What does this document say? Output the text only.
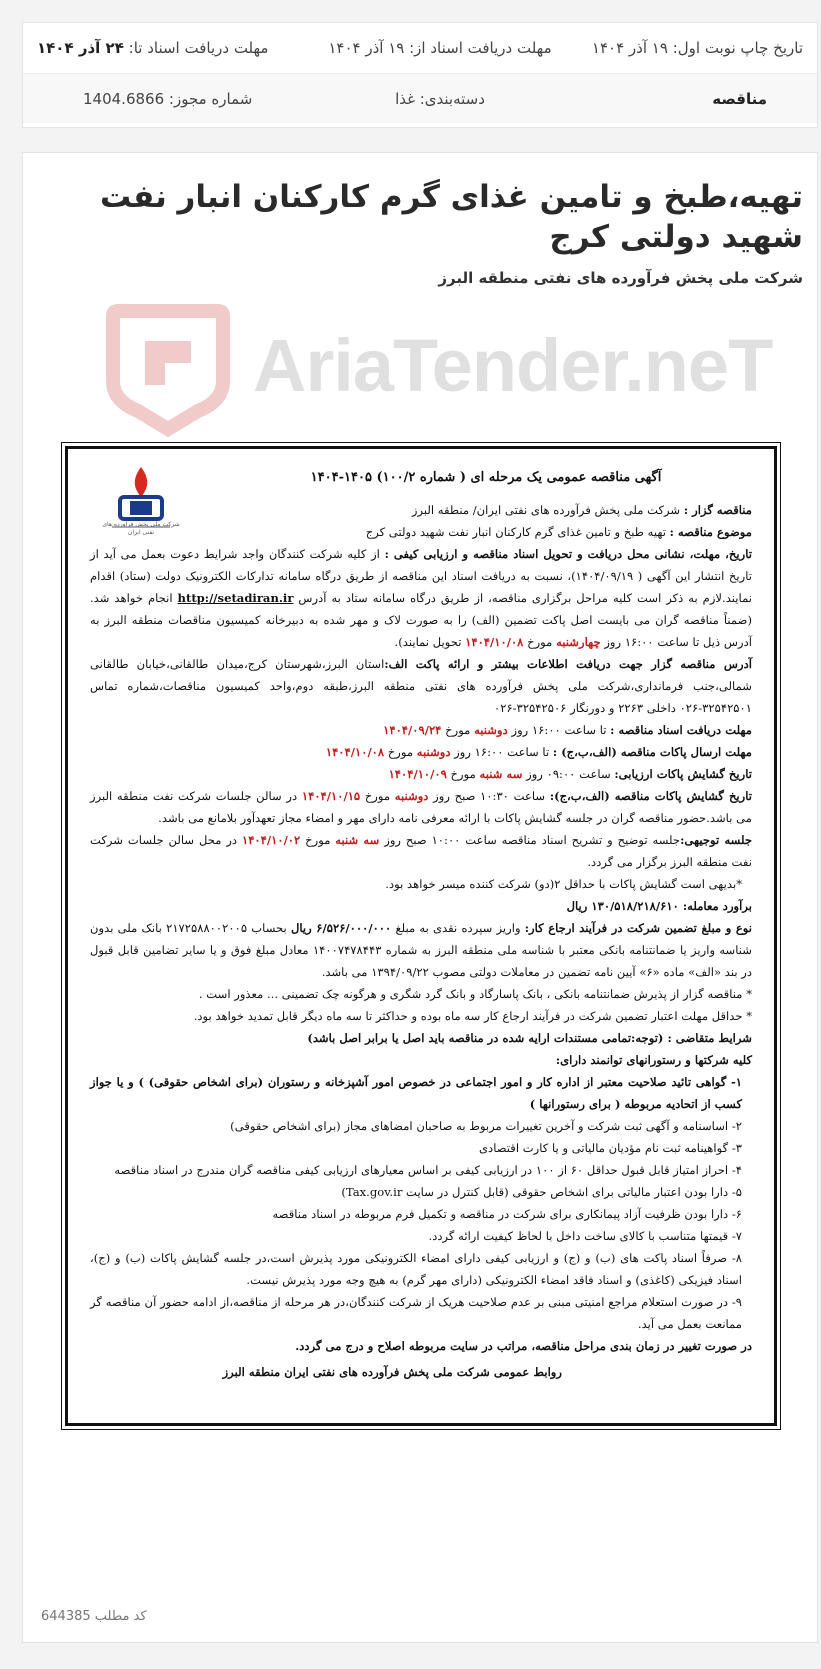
تاریخ چاپ نوبت اول: ۱۹ آذر ۱۴۰۴
مهلت دریافت اسناد از: ۱۹ آذر ۱۴۰۴
مهلت دریافت اسناد تا: ۲۴ آذر ۱۴۰۴
مناقصه
دسته‌بندی: غذا
شماره مجوز: 1404.6866
تهیه،طبخ و تامین غذای گرم کارکنان انبار نفت شهید دولتی کرج
شرکت ملی پخش فرآورده های نفتی منطقه البرز
AriaTender.neT
شرکت ملی پخش فرآورده های نفتی ایران
آگهی مناقصه عمومی یک مرحله ای ( شماره ۱۰۰/۲) ۱۴۰۵-۱۴۰۴
مناقصه گزار : شرکت ملی پخش فرآورده های نفتی ایران/ منطقه البرز
موضوع مناقصه : تهیه طبخ و تامین غذای گرم کارکنان انبار نفت شهید دولتی کرج
تاریخ، مهلت، نشانی محل دریافت و تحویل اسناد مناقصه و ارزیابی کیفی : از کلیه شرکت کنندگان واجد شرایط دعوت بعمل می آید از تاریخ انتشار این آگهی ( ۱۴۰۴/۰۹/۱۹)، نسبت به دریافت اسناد این مناقصه از طریق درگاه سامانه تدارکات الکترونیک دولت (ستاد) اقدام نمایند.لازم به ذکر است کلیه مراحل برگزاری مناقصه، از طریق درگاه سامانه ستاد به آدرس http://setadiran.ir انجام خواهد شد.(ضمناً مناقصه گران می بایست اصل پاکت تضمین (الف) را به صورت لاک و مهر شده به دبیرخانه کمیسیون مناقصات منطقه البرز به آدرس ذیل تا ساعت ۱۶:۰۰ روز چهارشنبه مورخ ۱۴۰۴/۱۰/۰۸ تحویل نمایند).
آدرس مناقصه گزار جهت دریافت اطلاعات بیشتر و ارائه پاکت الف:استان البرز،شهرستان کرج،میدان طالقانی،خیابان طالقانی شمالی،جنب فرمانداری،شرکت ملی پخش فرآورده های نفتی منطقه البرز،طبقه دوم،واحد کمیسیون مناقصات،شماره تماس ۳۲۵۴۲۵۰۱-۰۲۶ داخلی ۲۲۶۳ و دورنگار ۳۲۵۴۲۵۰۶-۰۲۶
مهلت دریافت اسناد مناقصه : تا ساعت ۱۶:۰۰ روز دوشنبه مورخ ۱۴۰۴/۰۹/۲۴
مهلت ارسال پاکات مناقصه (الف،ب،ج) : تا ساعت ۱۶:۰۰ روز دوشنبه مورخ ۱۴۰۴/۱۰/۰۸
تاریخ گشایش پاکات ارزیابی: ساعت ۰۹:۰۰ روز سه شنبه مورخ ۱۴۰۴/۱۰/۰۹
تاریخ گشایش پاکات مناقصه (الف،ب،ج): ساعت ۱۰:۳۰ صبح روز دوشنبه مورخ ۱۴۰۴/۱۰/۱۵ در سالن جلسات شرکت نفت منطقه البرز می باشد.حضور مناقصه گران در جلسه گشایش پاکات با ارائه معرفی نامه دارای مهر و امضاء مجاز تعهدآور بلامانع می باشد.
جلسه توجیهی:جلسه توضیح و تشریح اسناد مناقصه ساعت ۱۰:۰۰ صبح روز سه شنبه مورخ ۱۴۰۴/۱۰/۰۲ در محل سالن جلسات شرکت نفت منطقه البرز برگزار می گردد.
*بدیهی است گشایش پاکات با حداقل ۲(دو) شرکت کننده میسر خواهد بود.
برآورد معامله: ۱۳۰/۵۱۸/۲۱۸/۶۱۰ ریال
نوع و مبلغ تضمین شرکت در فرآیند ارجاع کار: واریز سپرده نقدی به مبلغ ۶/۵۲۶/۰۰۰/۰۰۰ ریال بحساب ۲۱۷۲۵۸۸۰۰۲۰۰۵ بانک ملی بدون شناسه واریز یا ضمانتنامه بانکی معتبر با شناسه ملی منطقه البرز به شماره ۱۴۰۰۷۴۷۸۴۴۳ معادل مبلغ فوق و یا سایر تضامین قابل قبول در بند «الف» ماده «۶» آیین نامه تضمین در معاملات دولتی مصوب ۱۳۹۴/۰۹/۲۲ می باشد.
* مناقصه گزار از پذیرش ضمانتنامه بانکی ، بانک پاسارگاد و بانک گرد شگری و هرگونه چک تضمینی ... معذور است .
* حداقل مهلت اعتبار تضمین شرکت در فرآیند ارجاع کار سه ماه بوده و حداکثر تا سه ماه دیگر قابل تمدید خواهد بود.
شرایط متقاضی : (توجه:تمامی مستندات ارایه شده در مناقصه باید اصل یا برابر اصل باشد)
کلیه شرکتها و رستورانهای توانمند دارای:
۱- گواهی تائید صلاحیت معتبر از اداره کار و امور اجتماعی در خصوص امور آشپزخانه و رستوران (برای اشخاص حقوقی) ) و یا جواز کسب از اتحادیه مربوطه ( برای رستورانها )
۲- اساسنامه و آگهی ثبت شرکت و آخرین تغییرات مربوط به صاحبان امضاهای مجاز (برای اشخاص حقوقی)
۳- گواهینامه ثبت نام مؤدیان مالیاتی و یا کارت اقتصادی
۴- احراز امتیاز قابل قبول حداقل ۶۰ از ۱۰۰ در ارزیابی کیفی بر اساس معیارهای ارزیابی کیفی مناقصه گران مندرج در اسناد مناقصه
۵- دارا بودن اعتبار مالیاتی برای اشخاص حقوقی (قابل کنترل در سایت Tax.gov.ir)
۶- دارا بودن ظرفیت آزاد پیمانکاری برای شرکت در مناقصه و تکمیل فرم مربوطه در اسناد مناقصه
۷- قیمتها متناسب با کالای ساخت داخل با لحاظ کیفیت ارائه گردد.
۸- صرفاً اسناد پاکت های (ب) و (ج) و ارزیابی کیفی دارای امضاء الکترونیکی مورد پذیرش است،در جلسه گشایش پاکات (ب) و (ج)، اسناد فیزیکی (کاغذی) و اسناد فاقد امضاء الکترونیکی (دارای مهر گرم) به هیچ وجه مورد پذیرش نیست.
۹- در صورت استعلام مراجع امنیتی مبنی بر عدم صلاحیت هریک از شرکت کنندگان،در هر مرحله از مناقصه،از ادامه حضور آن مناقصه گر ممانعت بعمل می آید.
در صورت تغییر در زمان بندی مراحل مناقصه، مراتب در سایت مربوطه اصلاح و درج می گردد.
روابط عمومی شرکت ملی پخش فرآورده های نفتی ایران منطقه البرز
کد مطلب 644385
